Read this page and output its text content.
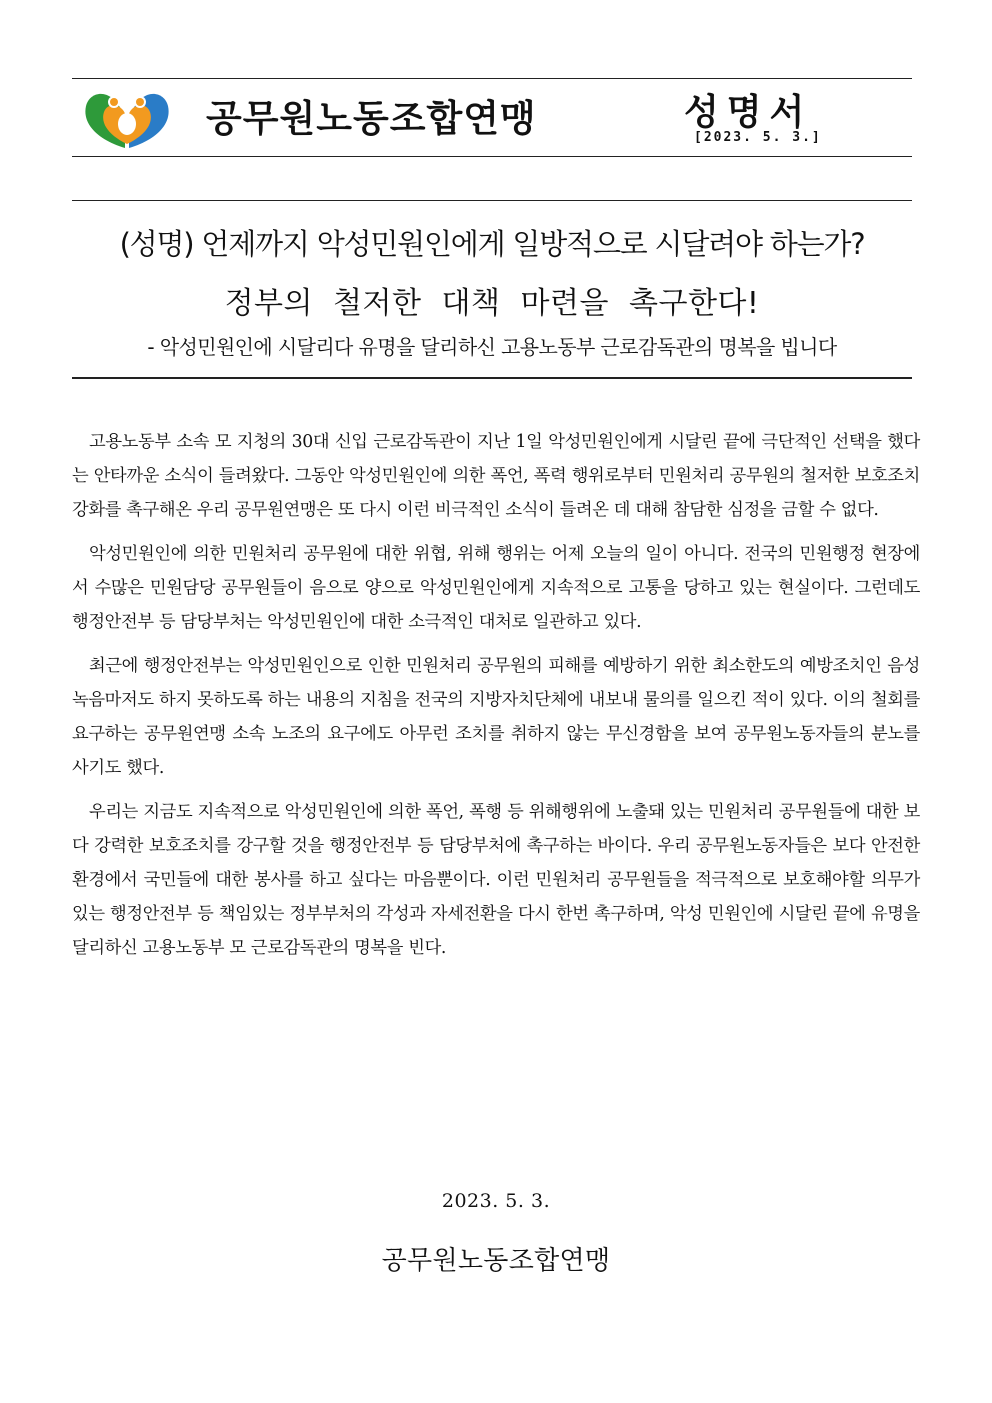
공무원노동조합연맹	성명서
[2023. 5. 3.]
(성명) 언제까지 악성민원인에게 일방적으로 시달려야 하는가?
정부의 철저한 대책 마련을 촉구한다!
- 악성민원인에 시달리다 유명을 달리하신 고용노동부 근로감독관의 명복을 빕니다

고용노동부 소속 모 지청의 30대 신입 근로감독관이 지난 1일 악성민원인에게 시달린 끝에 극단적인 선택을 했다는 안타까운 소식이 들려왔다. 그동안 악성민원인에 의한 폭언, 폭력 행위로부터 민원처리 공무원의 철저한 보호조치 강화를 촉구해온 우리 공무원연맹은 또 다시 이런 비극적인 소식이 들려온 데 대해 참담한 심정을 금할 수 없다.

악성민원인에 의한 민원처리 공무원에 대한 위협, 위해 행위는 어제 오늘의 일이 아니다. 전국의 민원행정 현장에서 수많은 민원담당 공무원들이 음으로 양으로 악성민원인에게 지속적으로 고통을 당하고 있는 현실이다. 그런데도 행정안전부 등 담당부처는 악성민원인에 대한 소극적인 대처로 일관하고 있다.

최근에 행정안전부는 악성민원인으로 인한 민원처리 공무원의 피해를 예방하기 위한 최소한도의 예방조치인 음성녹음마저도 하지 못하도록 하는 내용의 지침을 전국의 지방자치단체에 내보내 물의를 일으킨 적이 있다. 이의 철회를 요구하는 공무원연맹 소속 노조의 요구에도 아무런 조치를 취하지 않는 무신경함을 보여 공무원노동자들의 분노를 사기도 했다.

우리는 지금도 지속적으로 악성민원인에 의한 폭언, 폭행 등 위해행위에 노출돼 있는 민원처리 공무원들에 대한 보다 강력한 보호조치를 강구할 것을 행정안전부 등 담당부처에 촉구하는 바이다. 우리 공무원노동자들은 보다 안전한 환경에서 국민들에 대한 봉사를 하고 싶다는 마음뿐이다. 이런 민원처리 공무원들을 적극적으로 보호해야할 의무가 있는 행정안전부 등 책임있는 정부부처의 각성과 자세전환을 다시 한번 촉구하며, 악성 민원인에 시달린 끝에 유명을 달리하신 고용노동부 모 근로감독관의 명복을 빈다.

2023. 5. 3.
공무원노동조합연맹
